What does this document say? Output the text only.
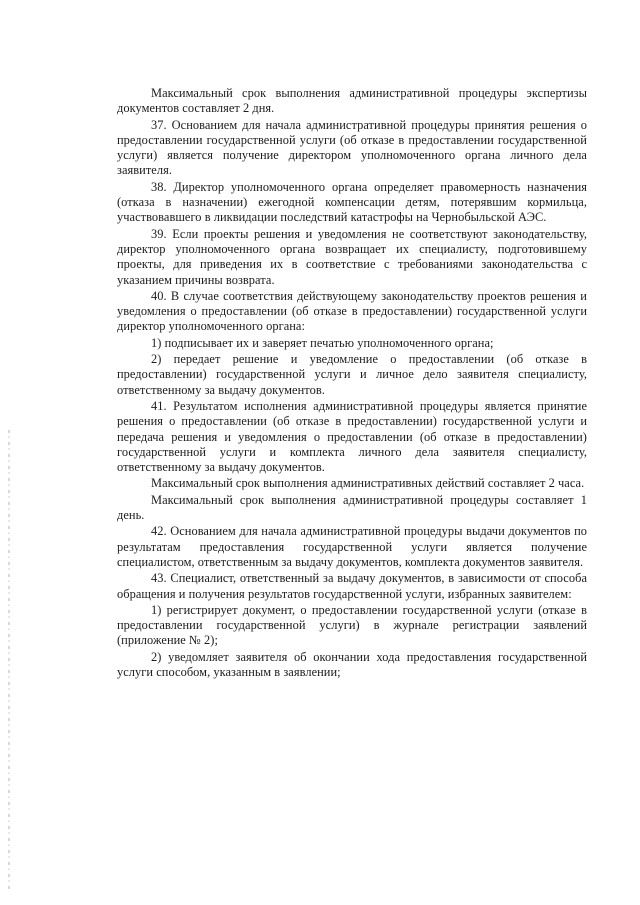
Максимальный срок выполнения административной процедуры экспертизы документов составляет 2 дня.

37. Основанием для начала административной процедуры принятия решения о предоставлении государственной услуги (об отказе в предоставлении государственной услуги) является получение директором уполномоченного органа личного дела заявителя.

38. Директор уполномоченного органа определяет правомерность назначения (отказа в назначении) ежегодной компенсации детям, потерявшим кормильца, участвовавшего в ликвидации последствий катастрофы на Чернобыльской АЭС.

39. Если проекты решения и уведомления не соответствуют законодательству, директор уполномоченного органа возвращает их специалисту, подготовившему проекты, для приведения их в соответствие с требованиями законодательства с указанием причины возврата.

40. В случае соответствия действующему законодательству проектов решения и уведомления о предоставлении (об отказе в предоставлении) государственной услуги директор уполномоченного органа:

1) подписывает их и заверяет печатью уполномоченного органа;

2) передает решение и уведомление о предоставлении (об отказе в предоставлении) государственной услуги и личное дело заявителя специалисту, ответственному за выдачу документов.

41. Результатом исполнения административной процедуры является принятие решения о предоставлении (об отказе в предоставлении) государственной услуги и передача решения и уведомления о предоставлении (об отказе в предоставлении) государственной услуги и комплекта личного дела заявителя специалисту, ответственному за выдачу документов.

Максимальный срок выполнения административных действий составляет 2 часа.

Максимальный срок выполнения административной процедуры составляет 1 день.

42. Основанием для начала административной процедуры выдачи документов по результатам предоставления государственной услуги является получение специалистом, ответственным за выдачу документов, комплекта документов заявителя.

43. Специалист, ответственный за выдачу документов, в зависимости от способа обращения и получения результатов государственной услуги, избранных заявителем:

1) регистрирует документ, о предоставлении государственной услуги (отказе в предоставлении государственной услуги) в журнале регистрации заявлений (приложение № 2);

2) уведомляет заявителя об окончании хода предоставления государственной услуги способом, указанным в заявлении;
